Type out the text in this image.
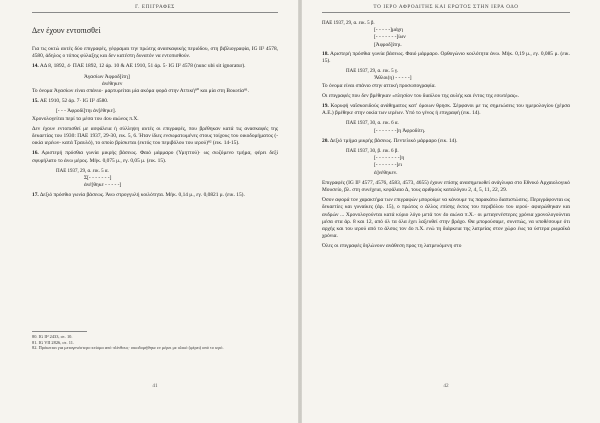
Γ. ΕΠΙΓΡΑΦΕΣ
Δεν έχουν εντοπισθεί

Για τις οκτώ αυτές δύο επιγραφές, γέφραμαι την πρώτης ανασκαφικής περιόδου, στη βιβλιογραφία, IG II² 4578, 4580, άδηλος ο τόπος φύλαξης και δεν κατέστη δυνατόν να εντοπισθούν.

14. ΑΔ 8, 1892, 4· ΠΑΕ 1892, 12 άρ. 10 & ΑΕ 1910, 51 άρ. 5· IG II² 4578 (nunc ubi sit ignoratur).

Ἀγασίων Ἀφροδ[ίτη]
ἀνέθηκεν

Το όνομα Ἀγασίων είναι σπάνιο· μαρτυρείται μία ακόμα φορά στην Αττική⁸⁰ και μία στη Βοιωτία⁸¹.

15. ΑΕ 1910, 52 άρ. 7· IG II² 4580.

[- - - Ἀφροδί]τηι ἀν[έθηκε].

Χρονολογείται περί τα μέσα του 4ου αιώνος π.Χ.

Δεν έχουν εντοπισθεί με ασφάλεια ή σύλληψη αυτές οι επιγραφές, που βρέθηκαν κατά τις ανασκαφές της δεκαετίας του 1930: ΠΑΕ 1937, 29-30, εικ. 5, 6. Ήταν ίδιες ενσωματωμένες στους τοίχους του οικοδομήματος (-οικία ιερέων- κατά Τραυλό), το οποίο βρίσκεται (εκτός του περιβόλου του ιερού)⁸² (εικ. 14-15).

16. Αριστερή πρόσθια γωνία μικρής βάσεως. Φαιό μάρμαρο (Υμηττού)· ως σωζόμενο τμήμα, φέρει δεξί σφυρήλατο το άνω μέρος. Μήκ. 0,075 μ., εγ. 0,05 μ. (εικ. 15).

ΠΑΕ 1937, 29, α. εικ. 5 α.
Σ[- - - - - - -]
ἀνέ[θηκε - - - - -]

17. Δεξιό πρόσθιο γωνία βάσεως. Άνω στρογγυλή κοιλότητα. Μήκ. 0,14 μ., εγ. 0,0821 μ. (εικ. 15).

80. IG II² 2433, στ. 10.
81. IG VII 2826, στ. 11.
82. Πρόκειται για μεταγενέστερο κτίσμα από πλίνθους· οικοδομήθηκε εν μέρει με υλικό (φέρει) από το ιερό.
41
ΤΟ ΙΕΡΟ ΑΦΡΟΔΙΤΗΣ ΚΑΙ ΕΡΩΤΟΣ ΣΤΗΝ ΙΕΡΑ ΟΔΟ
ΠΑΕ 1937, 29, α. εικ. 5 β.
[- - - - -]μάχη
[- - - - - - -]ίων
[Ἀφροδ]ίτηι.

18. Αριστερή πρόσθια γωνία βάσεως. Φαιό μάρμαρο. Ορθογώνιο κοιλότητα άνω. Μήκ. 0,19 μ., εγ. 0,085 μ. (εικ. 15).

ΠΑΕ 1937, 29, α. εικ. 5 γ.
Ἄθλοι(η) - - - - -]

Το όνομα είναι σπάνιο στην αττική προσωπογραφία.

Οι επιγραφές που δεν βρέθηκαν «πλησίον του διαύλου της αυλής και έντος της εσωτέρας».

19. Κορυφή ναΐσκοειδούς ανάθηματος κατ' όμοιων θρησκ. Σέρφανοι με τις σημειώσεις του ημερολογίου (χέρσα Α.Ε.) βρέθηκε στην οικία των ιερέων. Υπό το γένος ή επιγραφή (εικ. 14).

ΠΑΕ 1937, 30, α. εικ. 6 α.
[- - - - - - -]η Ἀφροδίτη.

20. Δεξιό τμήμα μικρής βάσεως. Πεντελικό μάρμαρο (εικ. 14).

ΠΑΕ 1937, 30, β. εικ. 6 β.
[- - - - - - - -]η
[- - - - - - -]ει
ἀ]νέθηκεν.

Επιγραφές (IG II² 4577, 4576, 4583, 4573, 4655) έχουν επίσης ανασημειωθεί ανάγλυφα στο Εθνικό Αρχαιολογικό Μουσείο, βλ. στη συνέχεια, κεφάλαιο Δ, τους αριθμούς καταλόγου 2, 4, 5, 11, 22, 29.

Όσον αφορά τον χαρακτήρα των επιγραφών μπορούμε να κάνουμε τις παρακάτω διαπιστώσεις. Περιγράφονται ως δεκαετίες και γυναίκες (άρ. 15), ο πρώτος ο άλλος επίσης έκτος του περιβόλου του ιερού· αφιερώθηκαν και ανδρών ... Χρονολογούνται κατά κύριο λόγο μετά τον 4ο αιώνα π.Χ.· οι μεταγενέστερες χρόνια χρονολογούνται μέσα στα άρ. 8 και 12, από όλ τα όλα έχει λαξευθεί στην βράχο. Θα μπορούσαμε, συνεπώς, να υποθέσουμε ότι αρχής και του ιερού από το άλσος τον 4ο π.Χ. ενώ τη διάρκεια της λατρείας στον χώρο έως τα ύστερα ρωμαϊκά χρόνια.

Όλες οι επιγραφές δηλώνουν ανάθεση προς τη λατρευόμενη στο

42
